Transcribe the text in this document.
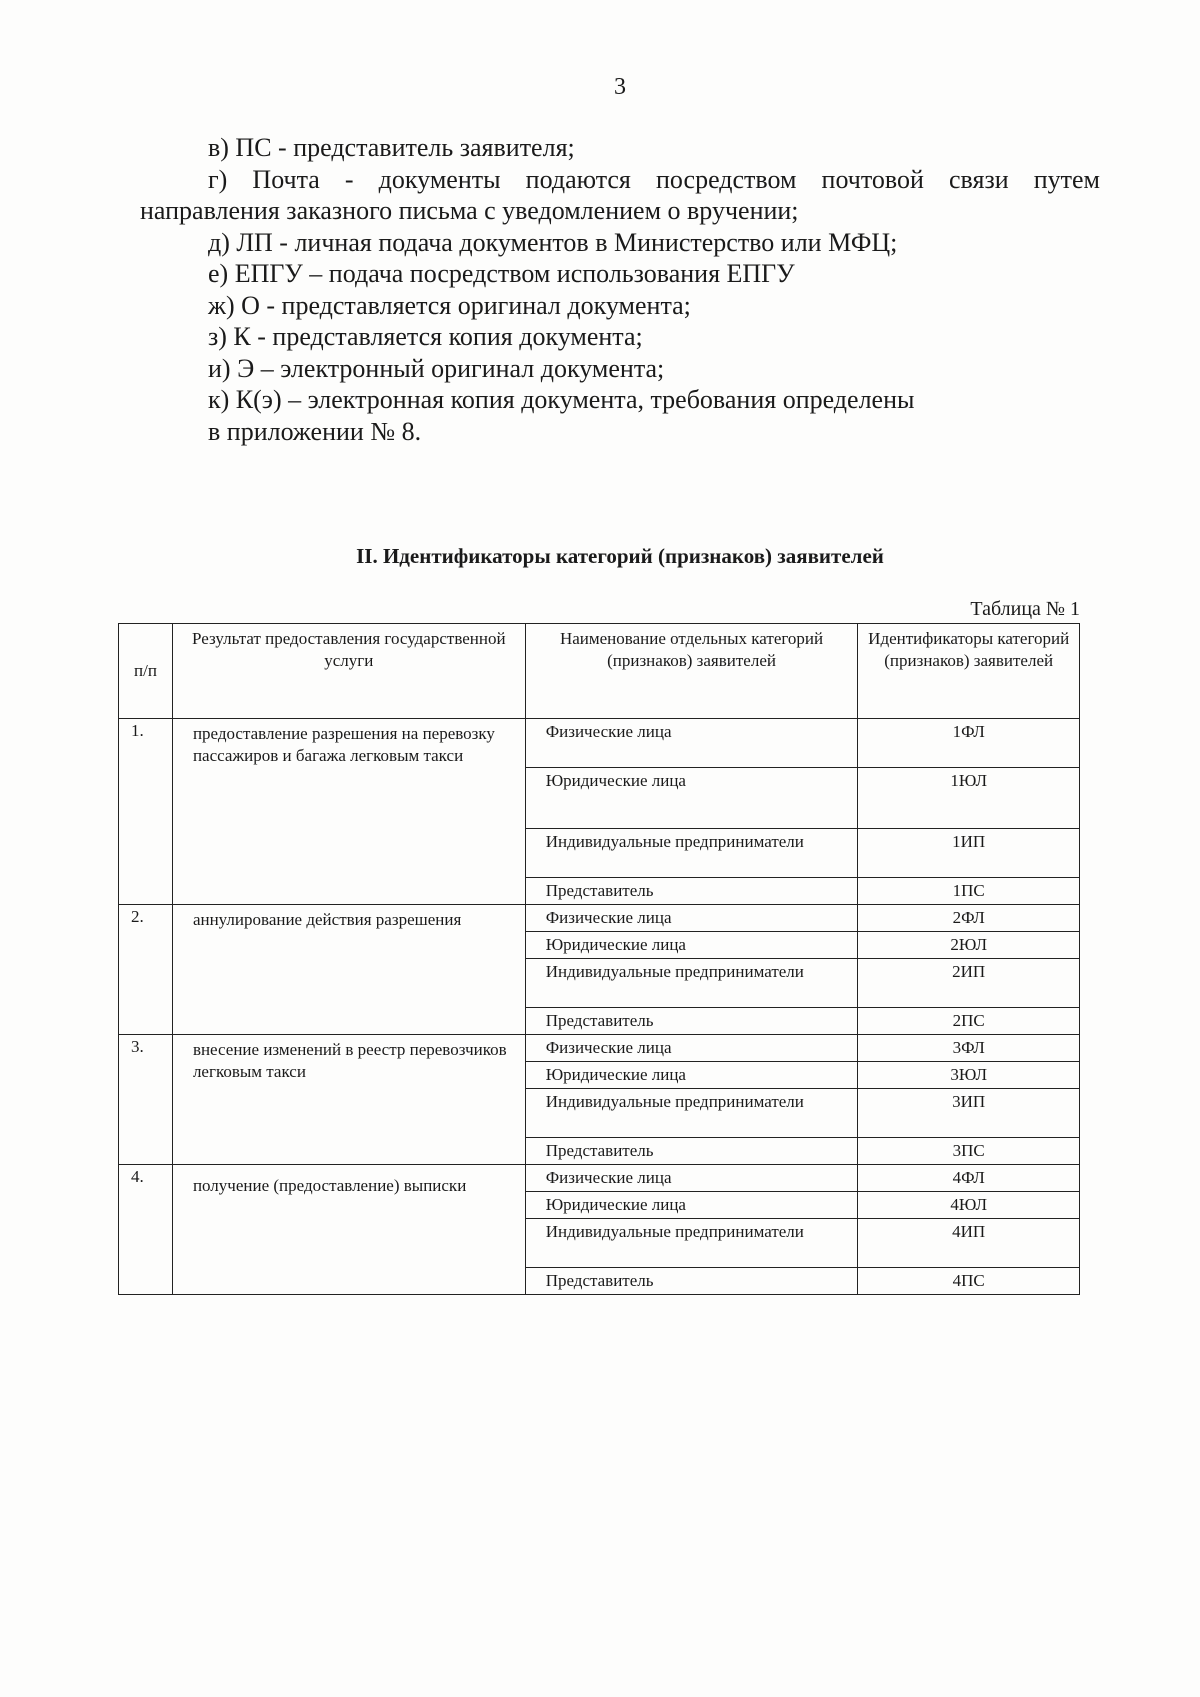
3
в) ПС - представитель заявителя;
г) Почта - документы подаются посредством почтовой связи путем
направления заказного письма с уведомлением о вручении;
д) ЛП - личная подача документов в Министерство или МФЦ;
е) ЕПГУ – подача посредством использования ЕПГУ
ж) О - представляется оригинал документа;
з) К - представляется копия документа;
и) Э – электронный оригинал документа;
к) К(э) – электронная копия документа, требования определены
в приложении № 8.
II. Идентификаторы категорий (признаков) заявителей
Таблица № 1
п/п	Результат предоставления государственной услуги	Наименование отдельных категорий (признаков) заявителей	Идентификаторы категорий (признаков) заявителей
1.	предоставление разрешения на перевозку пассажиров и багажа легковым такси	Физические лица	1ФЛ
		Юридические лица	1ЮЛ
		Индивидуальные предприниматели	1ИП
		Представитель	1ПС
2.	аннулирование действия разрешения	Физические лица	2ФЛ
		Юридические лица	2ЮЛ
		Индивидуальные предприниматели	2ИП
		Представитель	2ПС
3.	внесение изменений в реестр перевозчиков легковым такси	Физические лица	3ФЛ
		Юридические лица	3ЮЛ
		Индивидуальные предприниматели	3ИП
		Представитель	3ПС
4.	получение (предоставление) выписки	Физические лица	4ФЛ
		Юридические лица	4ЮЛ
		Индивидуальные предприниматели	4ИП
		Представитель	4ПС
